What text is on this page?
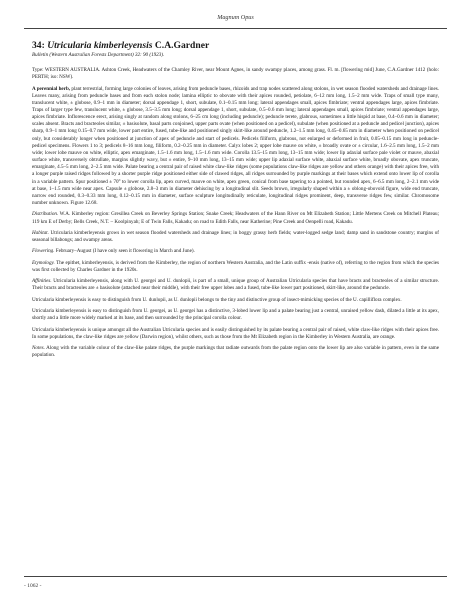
Magnum Opus
34: Utricularia kimberleyensis C.A.Gardner

Bulletin (Western Australian Forests Department) 32: 90 (1923).

Type: WESTERN AUSTRALIA. Ashton Creek, Headwaters of the Charnley River, near Mount Agnes, in sandy swampy places, among grass. Fl. m. [flowering mid] June, C.A.Gardner 1412 (holo: PERTH; iso: NSW).

A perennial herb, plant terrestrial, forming large colonies of leaves, arising from peduncle bases, rhizoids and trap nodes scattered along stolons, in wet season flooded watersheds and drainage lines. Leaves many, arising from peduncle bases and from each stolon node; lamina elliptic to obovate with their apices rounded, petiolate, 6–12 mm long, 1.5–2 mm wide. Traps of small type many, translucent white, ± globose, 0.9–1 mm in diameter; dorsal appendage 1, short, subulate, 0.1–0.15 mm long; lateral appendages small, apices fimbriate; ventral appendages large, apices fimbriate. Traps of larger type few, translucent white, ± globose, 3.5–3.5 mm long; dorsal appendage 1, short, subulate, 0.5–0.6 mm long; lateral appendages small, apices fimbriate; ventral appendages large, apices fimbriate. Inflorescence erect, arising singly at random along stolons, 6–25 cm long (including peduncle); peduncle terete, glabrous, sometimes a little hispid at base, 0.4–0.6 mm in diameter; scales absent. Bracts and bracteoles similar, ± basisolute, basal parts conjoined, upper parts ovate (when positioned on a pedicel), subulate (when positioned at a peduncle and pedicel junction), apices sharp, 0.9–1 mm long 0.15–0.7 mm wide, lower part entire, fused, tube-like and positioned singly skirt-like around peduncle, 1.2–1.5 mm long, 0.45–0.65 mm in diameter when positioned on pedicel only, but considerably longer when positioned at junction of apex of peduncle and start of pedicels. Pedicels filiform, glabrous, not enlarged or deformed in fruit, 0.05–0.15 mm long in peduncle-pedicel specimens. Flowers 1 to 3; pedicels 8–16 mm long, filiform, 0.2–0.25 mm in diameter. Calyx lobes 2; upper lobe mauve on white, ± broadly ovate or ± circular, 1.6–2.5 mm long, 1.5–2 mm wide; lower lobe mauve on white, elliptic, apex emarginate, 1.5–1.6 mm long, 1.5–1.6 mm wide. Corolla 13.5–15 mm long, 13–15 mm wide; lower lip adaxial surface pale violet or mauve, abaxial surface white, transversely obtrullate, margins slightly wavy, but ± entire, 9–10 mm long, 13–15 mm wide; upper lip adaxial surface white, abaxial surface white, broadly obovate, apex truncate, emarginate, 4.5–5 mm long, 2–2.5 mm wide. Palate bearing a central pair of raised white claw-like ridges (some populations claw-like ridges are yellow and others orange) with their apices free, with a longer purple raised ridges followed by a shorter purple ridge positioned either side of clawed ridges, all ridges surrounded by purple markings at their bases which extend onto lower lip of corolla in a variable pattern. Spur positioned ± 70° to lower corolla lip, apex curved, mauve on white, apex green, conical from base tapering to a pointed, but rounded apex, 6–6.5 mm long, 2–2.1 mm wide at base, 1–1.5 mm wide near apex. Capsule ± globose, 2.8–3 mm in diameter dehiscing by a longitudinal slit. Seeds brown, irregularly shaped within a ± oblong-obovoid figure, wide end truncate, narrow end rounded, 0.3–0.33 mm long, 0.12–0.15 mm in diameter, surface sculpture longitudinally reticulate, longitudinal ridges prominent, deep, transverse ridges few, similar. Chromosome number unknown. Figure 12.68.

Distribution. W.A. Kimberley region: Gresillea Creek on Beverley Springs Station; Snake Creek; Headwaters of the Hann River on Mt Elizabeth Station; Little Mertens Creek on Mitchell Plateau; 119 km E of Derby; Bells Creek, N.T. – Koolpinyah; E of Twin Falls, Kakadu; on road to Edith Falls, near Katherine; Pine Creek and Oenpelli road, Kakadu.

Habitat. Utricularia kimberleyensis grows in wet season flooded watersheds and drainage lines; in boggy grassy herb fields; water-logged sedge land; damp sand in sandstone country; margins of seasonal billabongs; and swampy areas.

Flowering. February–August (I have only seen it flowering in March and June).

Etymology. The epithet, kimberleyensis, is derived from the Kimberley, the region of northern Western Australia, and the Latin suffix -ensis (native of), referring to the region from which the species was first collected by Charles Gardner in the 1920s.

Affinities. Utricularia kimberleyensis, along with U. georgei and U. dunlopii, is part of a small, unique group of Australian Utricularia species that have bracts and bracteoles of a similar structure. Their bracts and bracteoles are ± basisolute (attached near their middle), with their free upper lobes and a fused, tube-like lower part positioned, skirt-like, around the peduncle.

Utricularia kimberleyensis is easy to distinguish from U. dunlopii, as U. dunlopii belongs to the tiny and distinctive group of insect-mimicking species of the U. capilliflora complex.

Utricularia kimberleyensis is easy to distinguish from U. georgei, as U. georgei has a distinctive, 3-lobed lower lip and a palate bearing just a central, unraised yellow dash, dilated a little at its apex, shortly and a little more widely marked at its base, and then surrounded by the principal corolla colour.

Utricularia kimberleyensis is unique amongst all the Australian Utricularia species and is easily distinguished by its palate bearing a central pair of raised, white claw-like ridges with their apices free. In some populations, the claw-like ridges are yellow (Darwin region), whilst others, such as those from the Mt Elizabeth region in the Kimberley in Western Australia, are orange.

Notes. Along with the variable colour of the claw-like palate ridges, the purple markings that radiate outwards from the palate region onto the lower lip are also variable in pattern, even in the same population.

- 1062 -
